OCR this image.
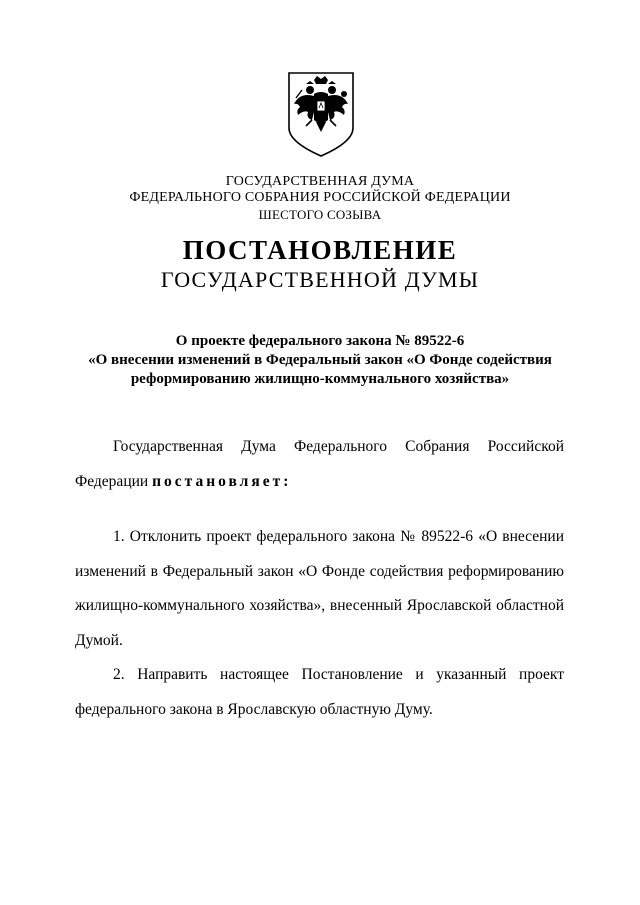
ГОСУДАРСТВЕННАЯ ДУМА
ФЕДЕРАЛЬНОГО СОБРАНИЯ РОССИЙСКОЙ ФЕДЕРАЦИИ
ШЕСТОГО СОЗЫВА
ПОСТАНОВЛЕНИЕ
ГОСУДАРСТВЕННОЙ ДУМЫ
О проекте федерального закона № 89522-6
«О внесении изменений в Федеральный закон «О Фонде содействия
реформированию жилищно-коммунального хозяйства»
Государственная Дума Федерального Собрания Российской
Федерации постановляет:
1. Отклонить проект федерального закона № 89522-6 «О внесении
изменений в Федеральный закон «О Фонде содействия реформированию
жилищно-коммунального хозяйства», внесенный Ярославской областной
Думой.
2. Направить настоящее Постановление и указанный проект
федерального закона в Ярославскую областную Думу.
